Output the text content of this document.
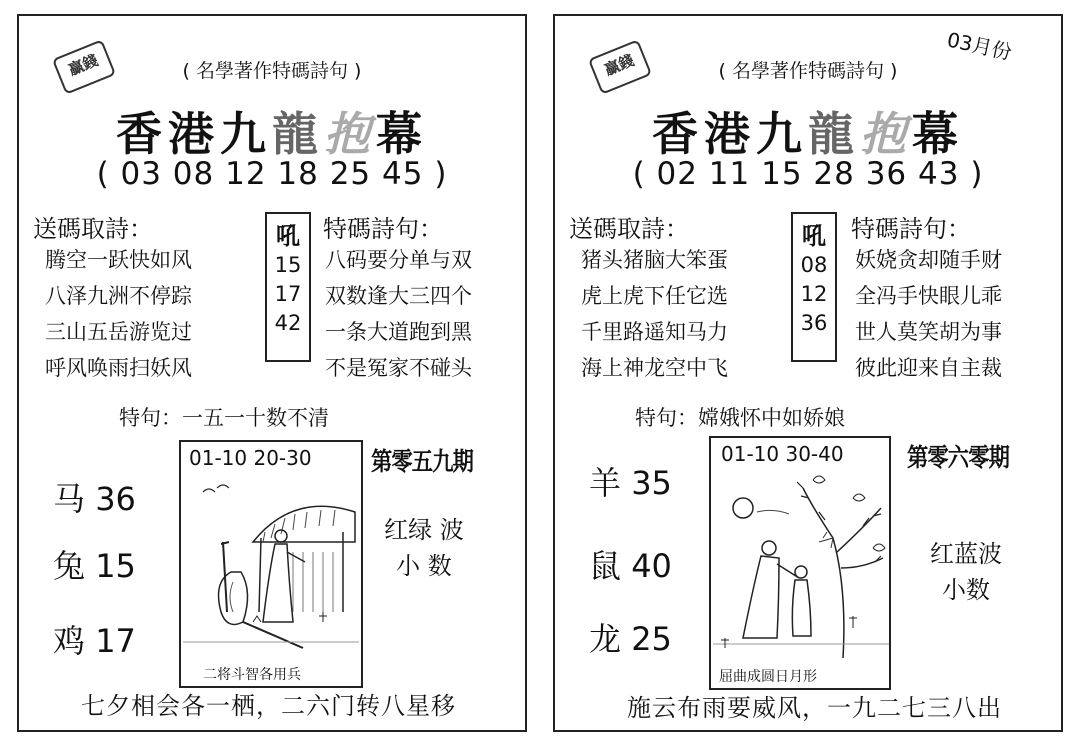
贏錢	( 名學著作特碼詩句 )
香港九龍抱幕
( 03 08 12 18 25 45 )
送碼取詩：
腾空一跃快如风
八泽九洲不停踪
三山五岳游览过
呼风唤雨扫妖风
吼
15
17
42
特碼詩句：
八码要分单与双
双数逢大三四个
一条大道跑到黑
不是冤家不碰头
特句：一五一十数不清
马 36
兔 15
鸡 17
01-10 20-30
二将斗智各用兵
第零五九期
红绿 波
小 数
七夕相会各一栖，二六门转八星移
贏錢
03月份
( 名學著作特碼詩句 )
香港九龍抱幕
( 02 11 15 28 36 43 )
送碼取詩：
猪头猪脑大笨蛋
虎上虎下任它选
千里路遥知马力
海上神龙空中飞
吼
08
12
36
特碼詩句：
妖娆贪却随手财
全冯手快眼儿乖
世人莫笑胡为事
彼此迎来自主裁
特句：嫦娥怀中如娇娘
羊 35
鼠 40
龙 25
01-10 30-40
屈曲成圆日月形
第零六零期
红蓝波
小数
施云布雨要威风，一九二七三八出
